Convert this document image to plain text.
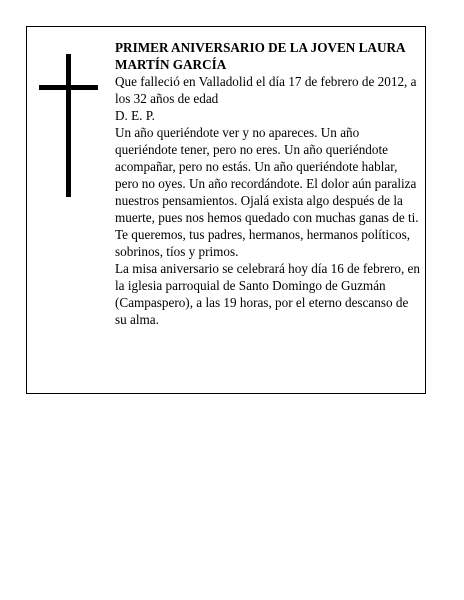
PRIMER ANIVERSARIO DE LA JOVEN LAURA MARTÍN GARCÍA

Que falleció en Valladolid el día 17 de febrero de 2012, a los 32 años de edad

D. E. P.

Un año queriéndote ver y no apareces. Un año queriéndote tener, pero no eres. Un año queriéndote acompañar, pero no estás. Un año queriéndote hablar, pero no oyes. Un año recordándote. El dolor aún paraliza nuestros pensamientos. Ojalá exista algo después de la muerte, pues nos hemos quedado con muchas ganas de ti.

Te queremos, tus padres, hermanos, hermanos políticos, sobrinos, tíos y primos.

La misa aniversario se celebrará hoy día 16 de febrero, en la iglesia parroquial de Santo Domingo de Guzmán (Campaspero), a las 19 horas, por el eterno descanso de su alma.
